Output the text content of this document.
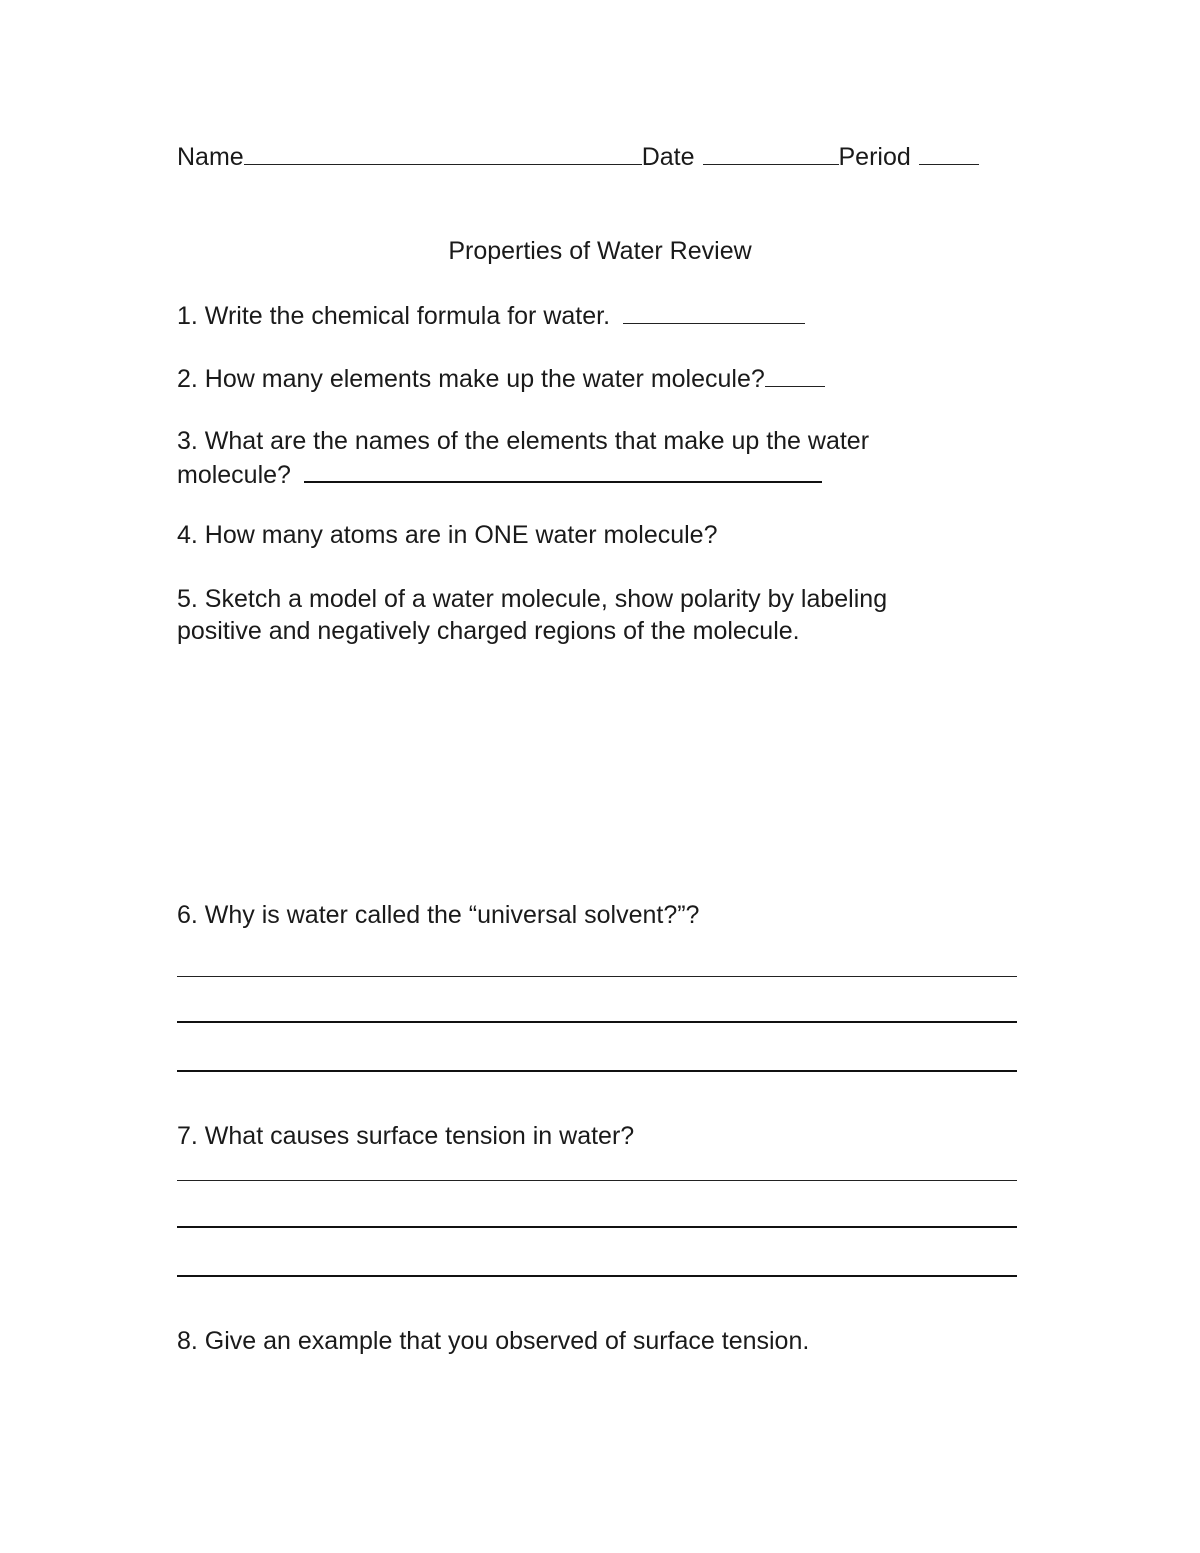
Name	Date	Period
Properties of Water Review
1. Write the chemical formula for water.
2. How many elements make up the water molecule?
3. What are the names of the elements that make up the water
molecule?
4. How many atoms are in ONE water molecule?
5. Sketch a model of a water molecule, show polarity by labeling positive and negatively charged regions of the molecule.
6. Why is water called the “universal solvent?”?
7. What causes surface tension in water?
8. Give an example that you observed of surface tension.
